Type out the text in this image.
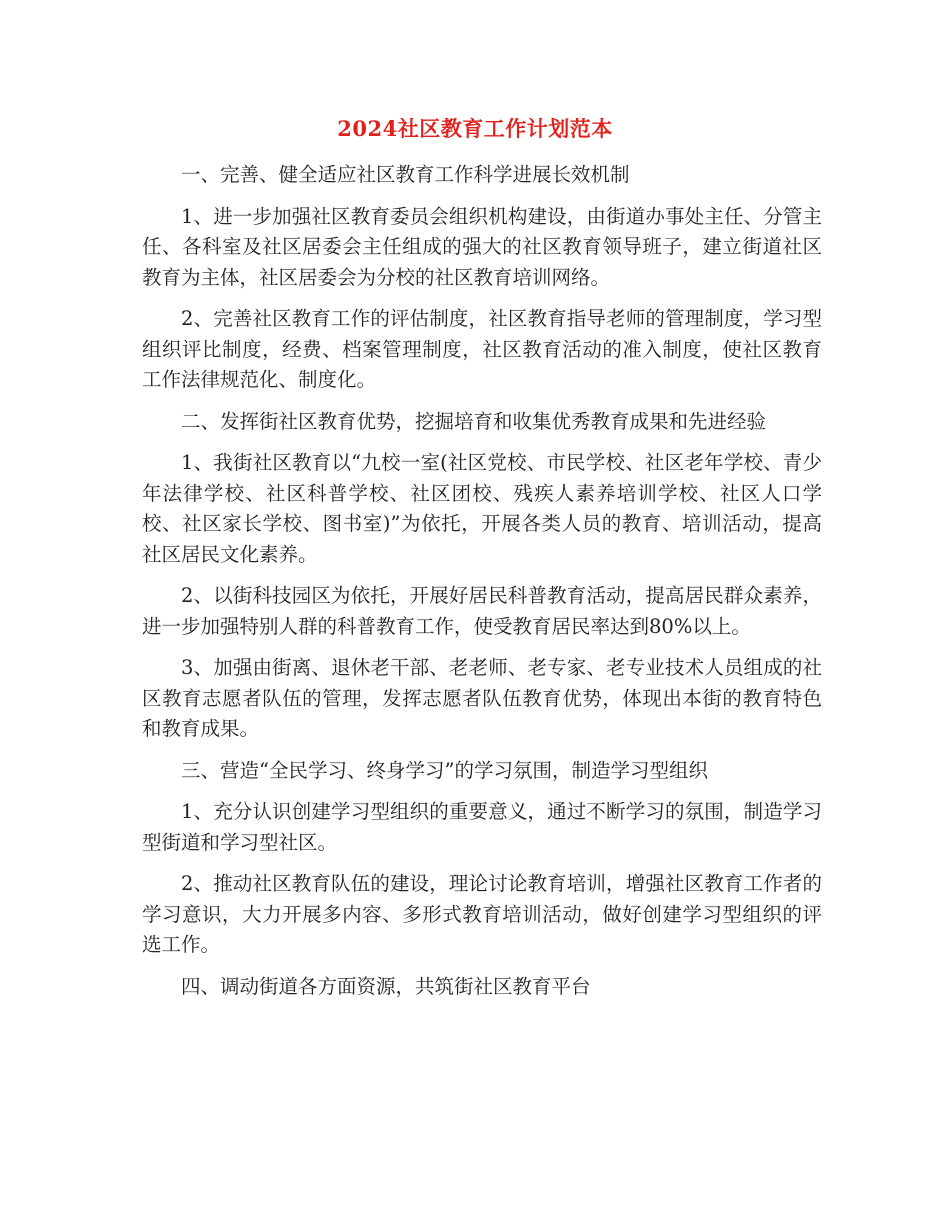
2024社区教育工作计划范本

一、完善、健全适应社区教育工作科学进展长效机制

1、进一步加强社区教育委员会组织机构建设，由街道办事处主任、分管主任、各科室及社区居委会主任组成的强大的社区教育领导班子，建立街道社区教育为主体，社区居委会为分校的社区教育培训网络。

2、完善社区教育工作的评估制度，社区教育指导老师的管理制度，学习型组织评比制度，经费、档案管理制度，社区教育活动的准入制度，使社区教育工作法律规范化、制度化。

二、发挥街社区教育优势，挖掘培育和收集优秀教育成果和先进经验

1、我街社区教育以“九校一室(社区党校、市民学校、社区老年学校、青少年法律学校、社区科普学校、社区团校、残疾人素养培训学校、社区人口学校、社区家长学校、图书室)”为依托，开展各类人员的教育、培训活动，提高社区居民文化素养。

2、以街科技园区为依托，开展好居民科普教育活动，提高居民群众素养，进一步加强特别人群的科普教育工作，使受教育居民率达到80%以上。

3、加强由街离、退休老干部、老老师、老专家、老专业技术人员组成的社区教育志愿者队伍的管理，发挥志愿者队伍教育优势，体现出本街的教育特色和教育成果。

三、营造“全民学习、终身学习”的学习氛围，制造学习型组织

1、充分认识创建学习型组织的重要意义，通过不断学习的氛围，制造学习型街道和学习型社区。

2、推动社区教育队伍的建设，理论讨论教育培训，增强社区教育工作者的学习意识，大力开展多内容、多形式教育培训活动，做好创建学习型组织的评选工作。

四、调动街道各方面资源，共筑街社区教育平台
